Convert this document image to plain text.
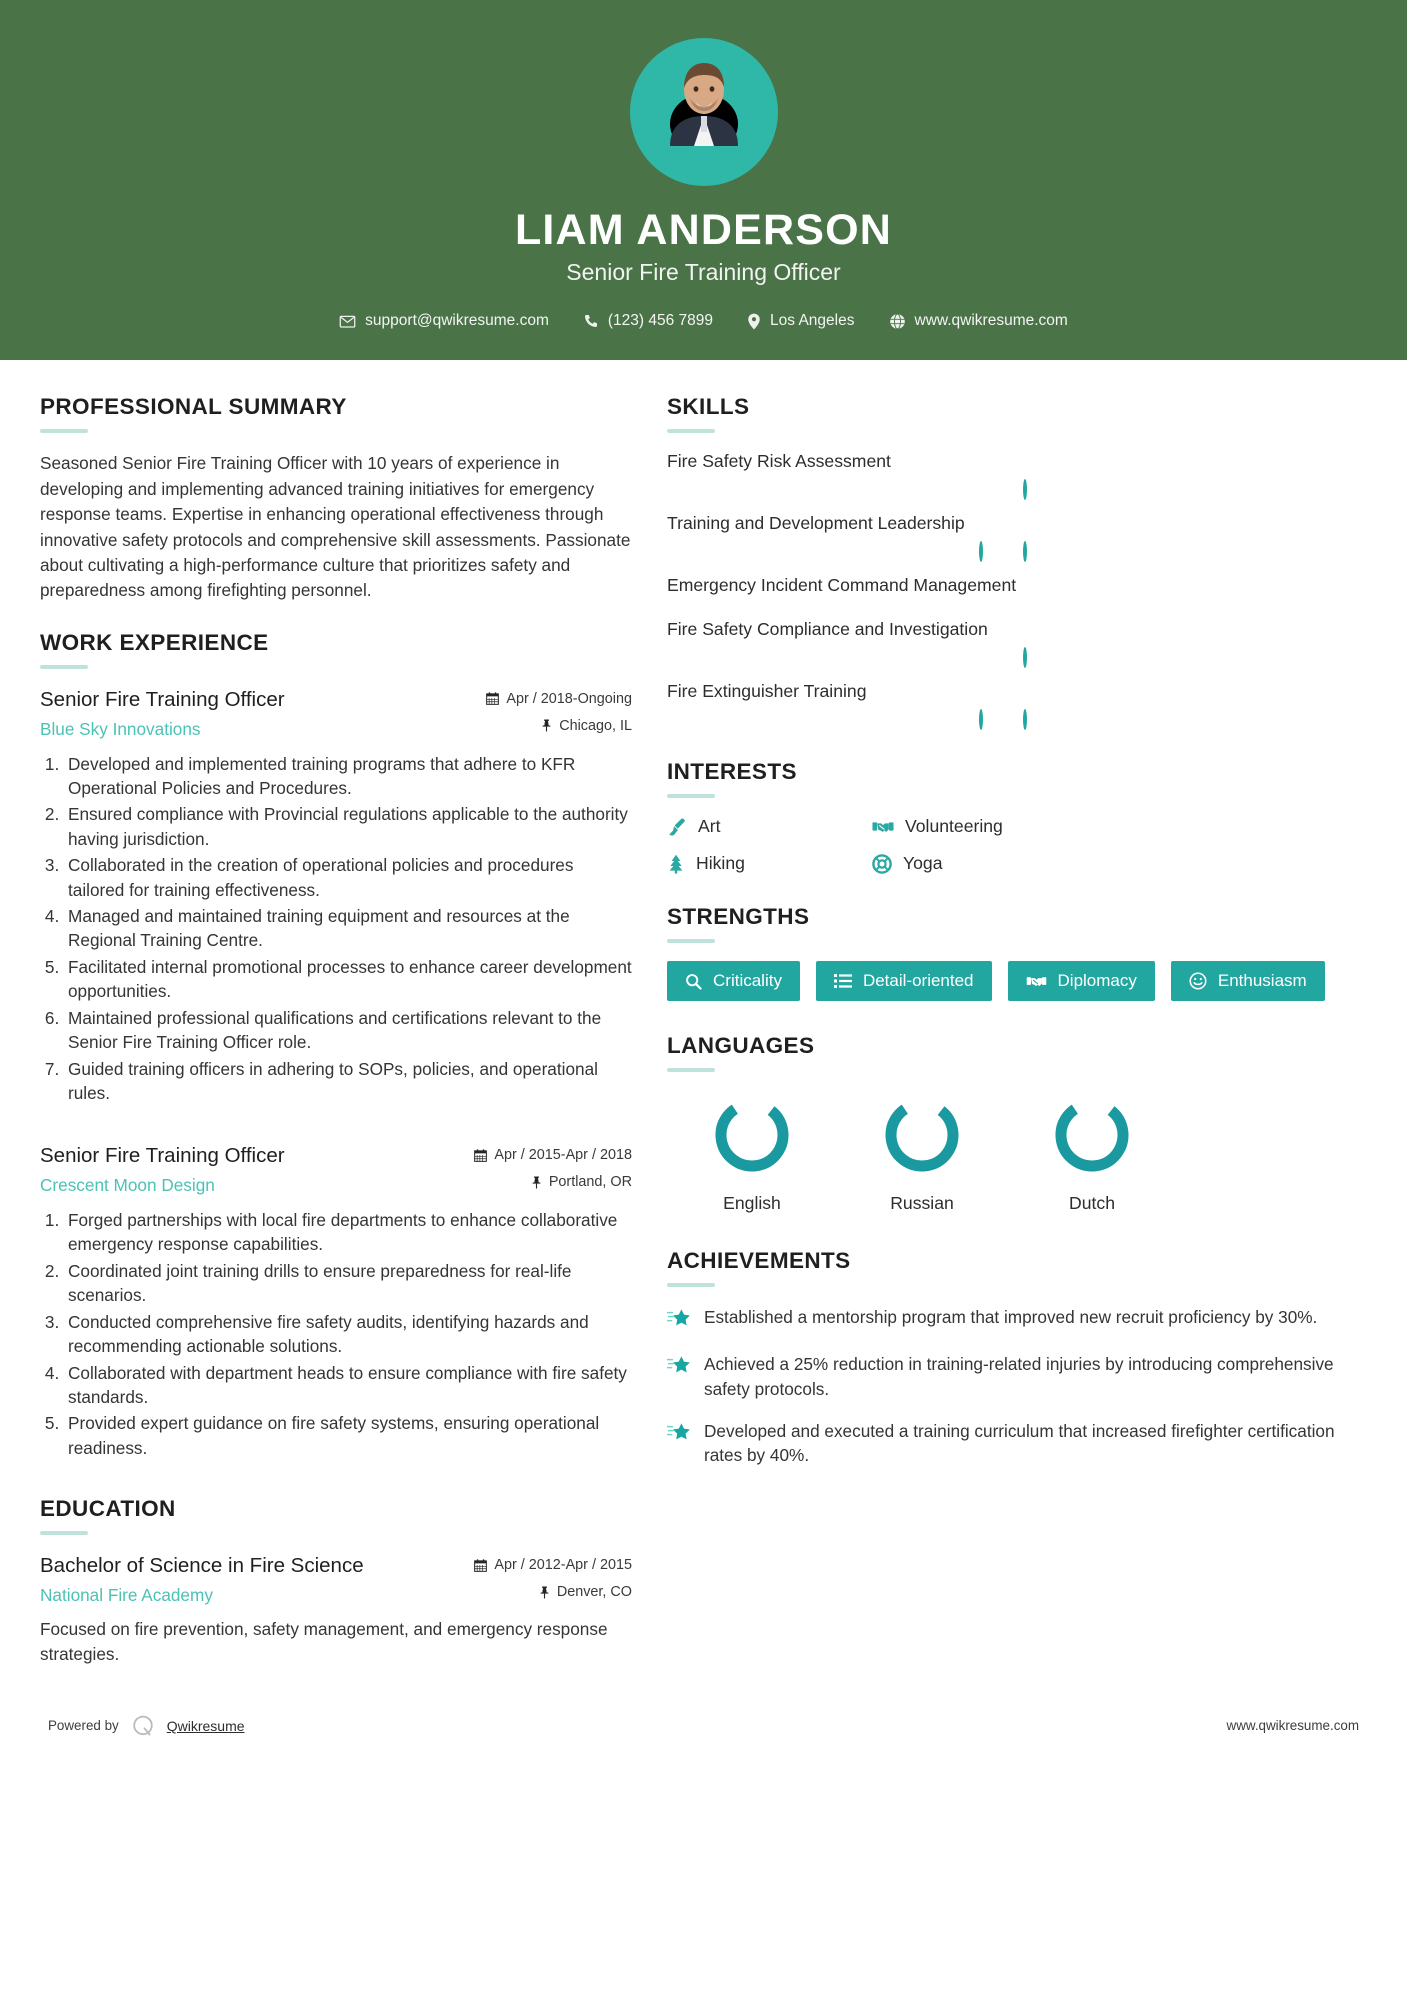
LIAM ANDERSON
Senior Fire Training Officer
support@qwikresume.com	(123) 456 7899	Los Angeles	www.qwikresume.com
PROFESSIONAL SUMMARY
Seasoned Senior Fire Training Officer with 10 years of experience in developing and implementing advanced training initiatives for emergency response teams. Expertise in enhancing operational effectiveness through innovative safety protocols and comprehensive skill assessments. Passionate about cultivating a high-performance culture that prioritizes safety and preparedness among firefighting personnel.
WORK EXPERIENCE
Senior Fire Training Officer
Blue Sky Innovations
Apr / 2018-Ongoing
Chicago, IL
1. Developed and implemented training programs that adhere to KFR Operational Policies and Procedures.
2. Ensured compliance with Provincial regulations applicable to the authority having jurisdiction.
3. Collaborated in the creation of operational policies and procedures tailored for training effectiveness.
4. Managed and maintained training equipment and resources at the Regional Training Centre.
5. Facilitated internal promotional processes to enhance career development opportunities.
6. Maintained professional qualifications and certifications relevant to the Senior Fire Training Officer role.
7. Guided training officers in adhering to SOPs, policies, and operational rules.
Senior Fire Training Officer
Crescent Moon Design
Apr / 2015-Apr / 2018
Portland, OR
1. Forged partnerships with local fire departments to enhance collaborative emergency response capabilities.
2. Coordinated joint training drills to ensure preparedness for real-life scenarios.
3. Conducted comprehensive fire safety audits, identifying hazards and recommending actionable solutions.
4. Collaborated with department heads to ensure compliance with fire safety standards.
5. Provided expert guidance on fire safety systems, ensuring operational readiness.
EDUCATION
Bachelor of Science in Fire Science
National Fire Academy
Apr / 2012-Apr / 2015
Denver, CO
Focused on fire prevention, safety management, and emergency response strategies.
SKILLS
Fire Safety Risk Assessment
Training and Development Leadership
Emergency Incident Command Management
Fire Safety Compliance and Investigation
Fire Extinguisher Training
INTERESTS
Art	Volunteering
Hiking	Yoga
STRENGTHS
Criticality	Detail-oriented	Diplomacy	Enthusiasm
LANGUAGES
English	Russian	Dutch
ACHIEVEMENTS
Established a mentorship program that improved new recruit proficiency by 30%.
Achieved a 25% reduction in training-related injuries by introducing comprehensive safety protocols.
Developed and executed a training curriculum that increased firefighter certification rates by 40%.
Powered by	Qwikresume	www.qwikresume.com
